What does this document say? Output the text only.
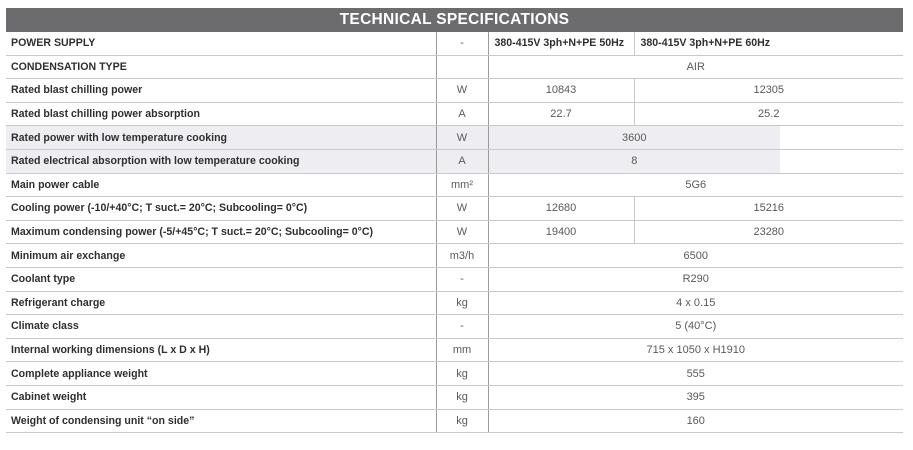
TECHNICAL SPECIFICATIONS
POWER SUPPLY	-	380-415V 3ph+N+PE 50Hz	380-415V 3ph+N+PE 60Hz	
CONDENSATION TYPE		AIR		
Rated blast chilling power	W	10843	12305	
Rated blast chilling power absorption	A	22.7	25.2	
Rated power with low temperature cooking	W	3600		
Rated electrical absorption with low temperature cooking	A	8		
Main power cable	mm²	5G6		
Cooling power (-10/+40°C; T suct.= 20°C; Subcooling= 0°C)	W	12680	15216	
Maximum condensing power (-5/+45°C; T suct.= 20°C; Subcooling= 0°C)	W	19400	23280	
Minimum air exchange	m3/h	6500		
Coolant type	-	R290		
Refrigerant charge	kg	4 x 0.15		
Climate class	-	5 (40°C)		
Internal working dimensions (L x D x H)	mm	715 x 1050 x H1910		
Complete appliance weight	kg	555		
Cabinet weight	kg	395		
Weight of condensing unit “on side”	kg	160		
